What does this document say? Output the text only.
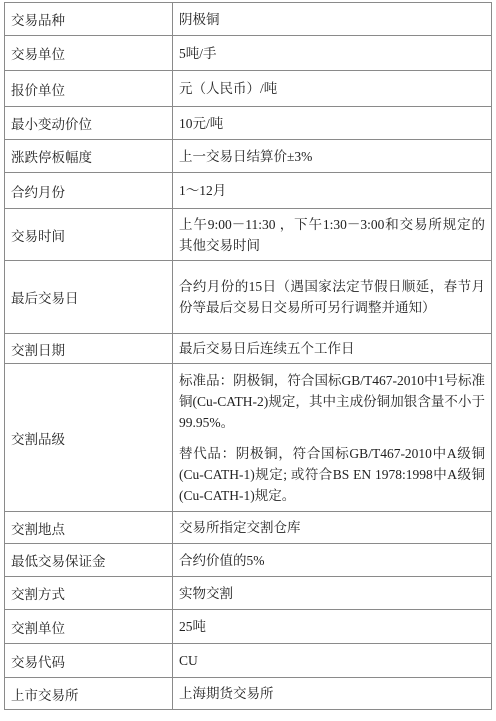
交易品种	阴极铜

交易单位	5吨/手

报价单位	元（人民币）/吨

最小变动价位	10元/吨

涨跌停板幅度	上一交易日结算价±3%

合约月份	1～12月

交易时间	上午9:00－11:30 ，下午1:30－3:00和交易所规定的其他交易时间

最后交易日	合约月份的15日（遇国家法定节假日顺延，春节月份等最后交易日交易所可另行调整并通知）

交割日期	最后交易日后连续五个工作日

交割品级	标准品：阴极铜，符合国标GB/T467-2010中1号标准铜(Cu-CATH-2)规定，其中主成份铜加银含量不小于99.95%。

替代品：阴极铜，符合国标GB/T467-2010中A级铜(Cu-CATH-1)规定; 或符合BS EN 1978:1998中A级铜(Cu-CATH-1)规定。

交割地点	交易所指定交割仓库

最低交易保证金	合约价值的5%

交割方式	实物交割

交割单位	25吨

交易代码	CU

上市交易所	上海期货交易所
